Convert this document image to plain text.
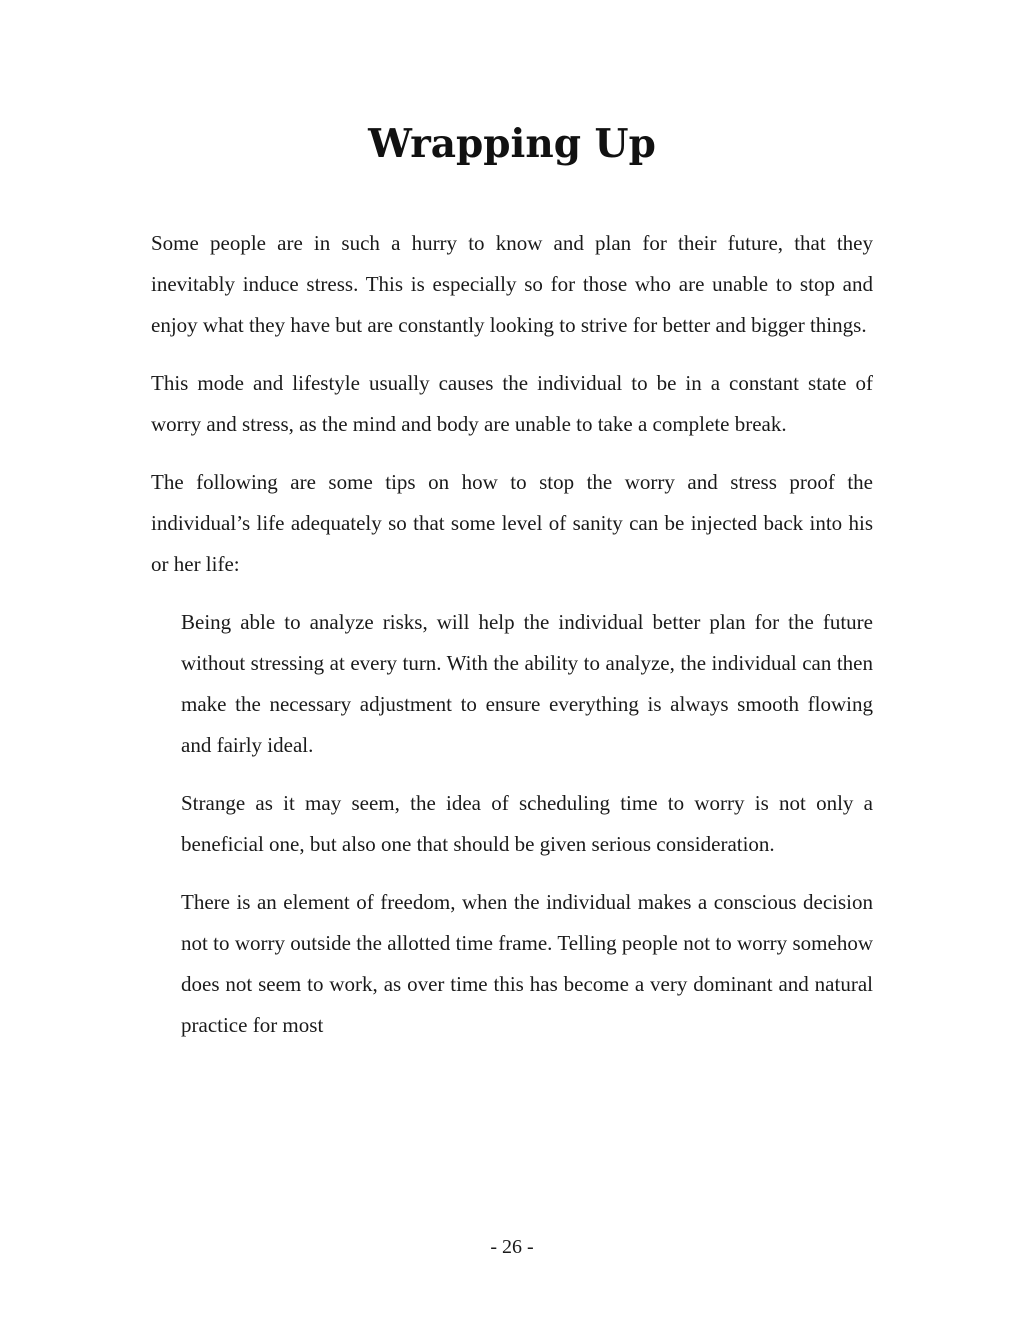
Wrapping Up

Some people are in such a hurry to know and plan for their future, that they inevitably induce stress. This is especially so for those who are unable to stop and enjoy what they have but are constantly looking to strive for better and bigger things.

This mode and lifestyle usually causes the individual to be in a constant state of worry and stress, as the mind and body are unable to take a complete break.

The following are some tips on how to stop the worry and stress proof the individual’s life adequately so that some level of sanity can be injected back into his or her life:

Being able to analyze risks, will help the individual better plan for the future without stressing at every turn. With the ability to analyze, the individual can then make the necessary adjustment to ensure everything is always smooth flowing and fairly ideal.

Strange as it may seem, the idea of scheduling time to worry is not only a beneficial one, but also one that should be given serious consideration.

There is an element of freedom, when the individual makes a conscious decision not to worry outside the allotted time frame. Telling people not to worry somehow does not seem to work, as over time this has become a very dominant and natural practice for most

- 26 -
